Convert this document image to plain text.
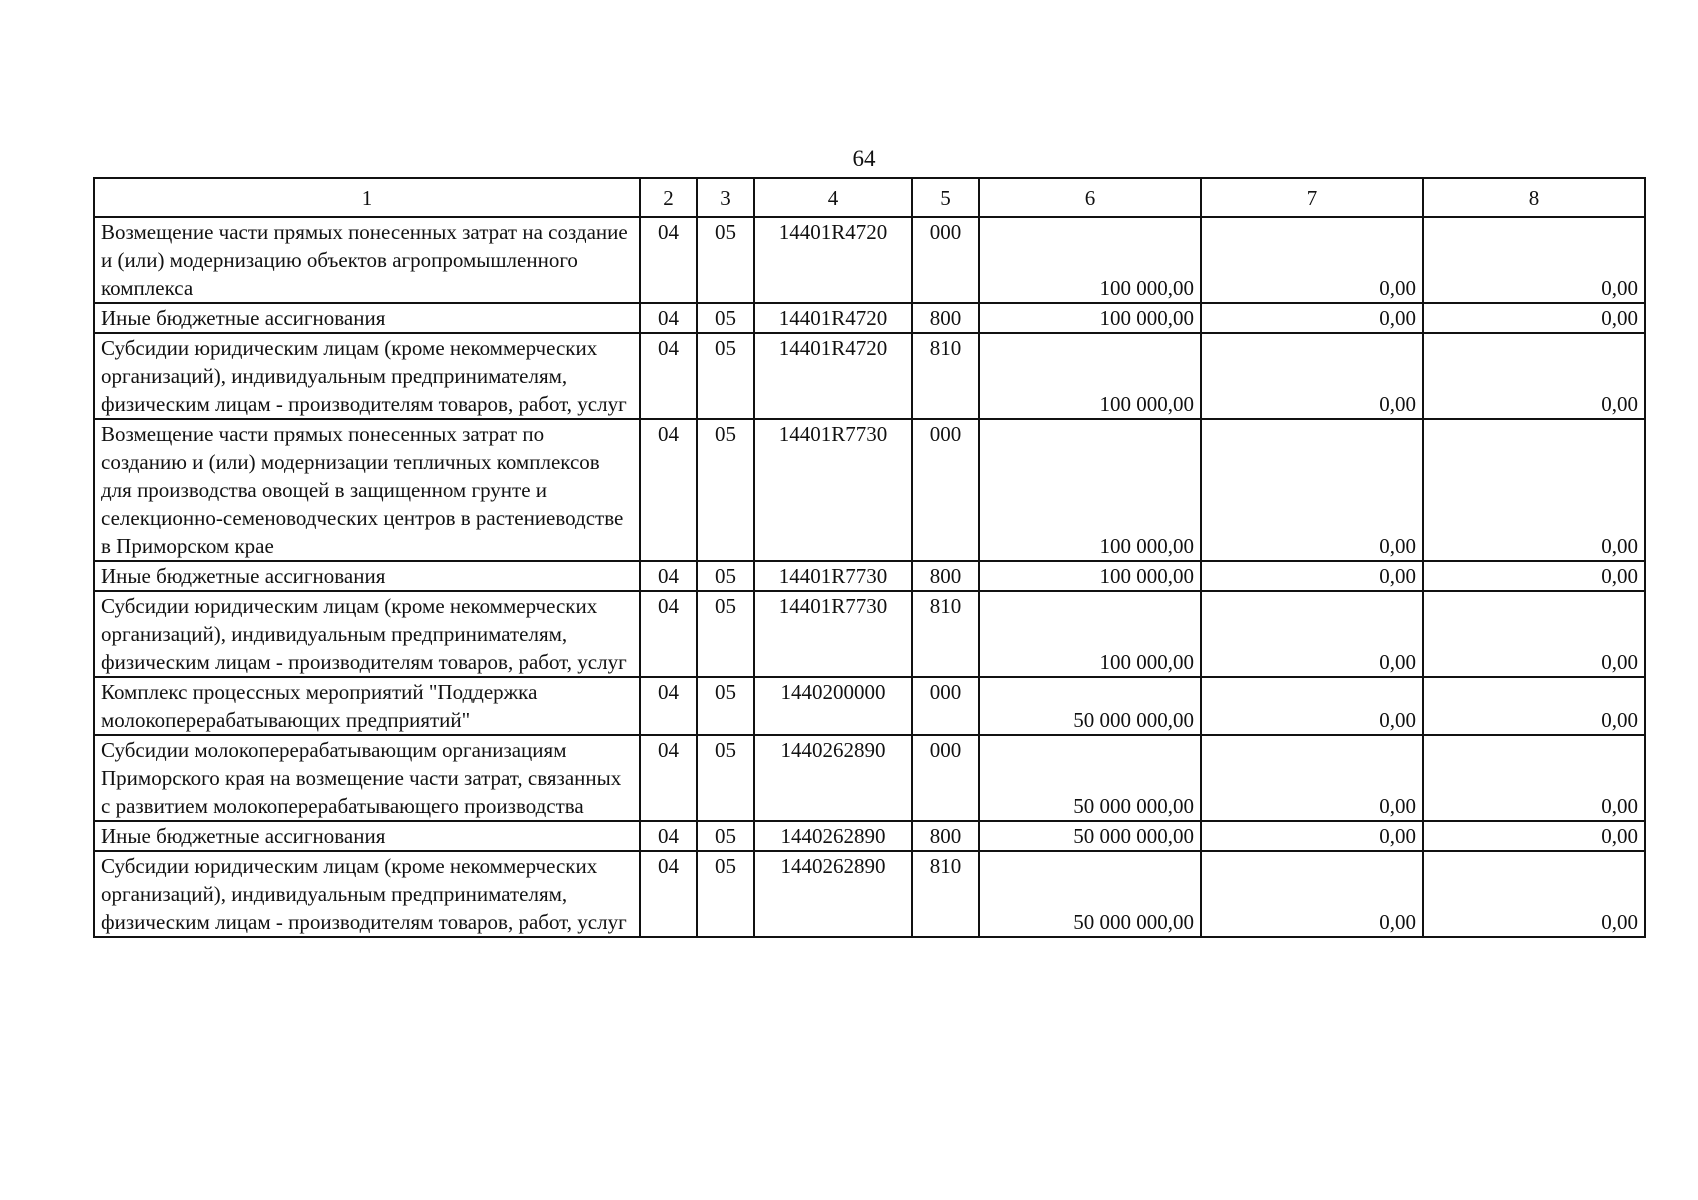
64
1	2	3	4	5	6	7	8
Возмещение части прямых понесенных затрат на создание и (или) модернизацию объектов агропромышленного комплекса	04	05	14401R4720	000	100 000,00	0,00	0,00
Иные бюджетные ассигнования	04	05	14401R4720	800	100 000,00	0,00	0,00
Субсидии юридическим лицам (кроме некоммерческих организаций), индивидуальным предпринимателям, физическим лицам - производителям товаров, работ, услуг	04	05	14401R4720	810	100 000,00	0,00	0,00
Возмещение части прямых понесенных затрат по созданию и (или) модернизации тепличных комплексов для производства овощей в защищенном грунте и селекционно-семеноводческих центров в растениеводстве в Приморском крае	04	05	14401R7730	000	100 000,00	0,00	0,00
Иные бюджетные ассигнования	04	05	14401R7730	800	100 000,00	0,00	0,00
Субсидии юридическим лицам (кроме некоммерческих организаций), индивидуальным предпринимателям, физическим лицам - производителям товаров, работ, услуг	04	05	14401R7730	810	100 000,00	0,00	0,00
Комплекс процессных мероприятий "Поддержка молокоперерабатывающих предприятий"	04	05	1440200000	000	50 000 000,00	0,00	0,00
Субсидии молокоперерабатывающим организациям Приморского края на возмещение части затрат, связанных с развитием молокоперерабатывающего производства	04	05	1440262890	000	50 000 000,00	0,00	0,00
Иные бюджетные ассигнования	04	05	1440262890	800	50 000 000,00	0,00	0,00
Субсидии юридическим лицам (кроме некоммерческих организаций), индивидуальным предпринимателям, физическим лицам - производителям товаров, работ, услуг	04	05	1440262890	810	50 000 000,00	0,00	0,00
